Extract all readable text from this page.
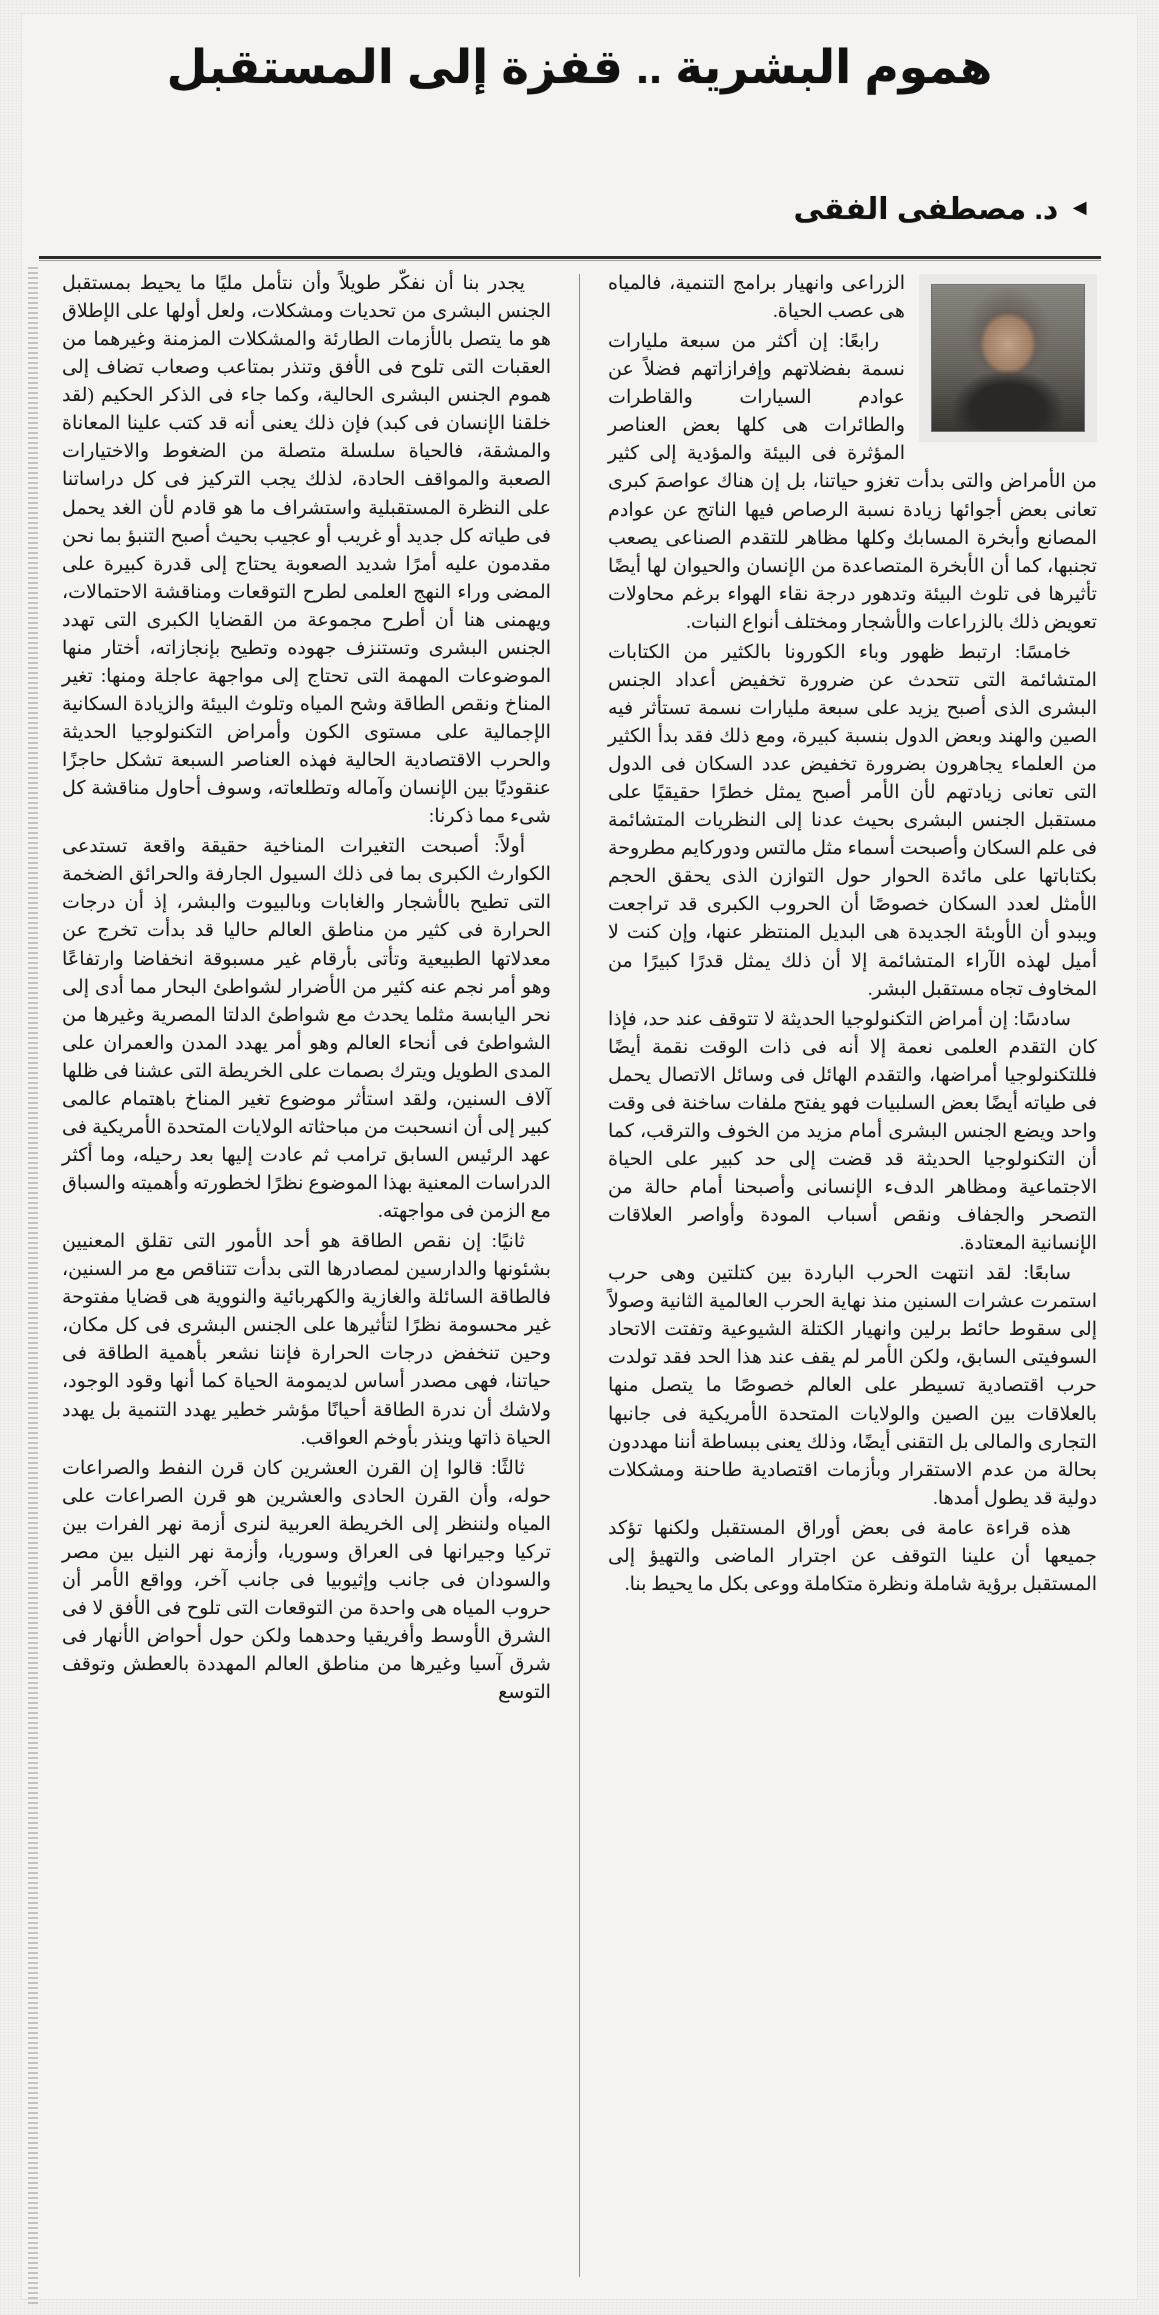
هموم البشرية .. قفزة إلى المستقبل
◄
د. مصطفى الفقى

الزراعى وانهيار برامج التنمية، فالمياه هى عصب الحياة.

رابعًا: إن أكثر من سبعة مليارات نسمة بفضلاتهم وإفرازاتهم فضلاً عن عوادم السيارات والقاطرات والطائرات هى كلها بعض العناصر المؤثرة فى البيئة والمؤدية إلى كثير من الأمراض والتى بدأت تغزو حياتنا، بل إن هناك عواصمَ كبرى تعانى بعض أجوائها زيادة نسبة الرصاص فيها الناتج عن عوادم المصانع وأبخرة المسابك وكلها مظاهر للتقدم الصناعى يصعب تجنبها، كما أن الأبخرة المتصاعدة من الإنسان والحيوان لها أيضًا تأثيرها فى تلوث البيئة وتدهور درجة نقاء الهواء برغم محاولات تعويض ذلك بالزراعات والأشجار ومختلف أنواع النبات.

خامسًا: ارتبط ظهور وباء الكورونا بالكثير من الكتابات المتشائمة التى تتحدث عن ضرورة تخفيض أعداد الجنس البشرى الذى أصبح يزيد على سبعة مليارات نسمة تستأثر فيه الصين والهند وبعض الدول بنسبة كبيرة، ومع ذلك فقد بدأ الكثير من العلماء يجاهرون بضرورة تخفيض عدد السكان فى الدول التى تعانى زيادتهم لأن الأمر أصبح يمثل خطرًا حقيقيًا على مستقبل الجنس البشرى بحيث عدنا إلى النظريات المتشائمة فى علم السكان وأصبحت أسماء مثل مالتس ودوركايم مطروحة بكتاباتها على مائدة الحوار حول التوازن الذى يحقق الحجم الأمثل لعدد السكان خصوصًا أن الحروب الكبرى قد تراجعت ويبدو أن الأوبئة الجديدة هى البديل المنتظر عنها، وإن كنت لا أميل لهذه الآراء المتشائمة إلا أن ذلك يمثل قدرًا كبيرًا من المخاوف تجاه مستقبل البشر.

سادسًا: إن أمراض التكنولوجيا الحديثة لا تتوقف عند حد، فإذا كان التقدم العلمى نعمة إلا أنه فى ذات الوقت نقمة أيضًا فللتكنولوجيا أمراضها، والتقدم الهائل فى وسائل الاتصال يحمل فى طياته أيضًا بعض السلبيات فهو يفتح ملفات ساخنة فى وقت واحد ويضع الجنس البشرى أمام مزيد من الخوف والترقب، كما أن التكنولوجيا الحديثة قد قضت إلى حد كبير على الحياة الاجتماعية ومظاهر الدفء الإنسانى وأصبحنا أمام حالة من التصحر والجفاف ونقص أسباب المودة وأواصر العلاقات الإنسانية المعتادة.

سابعًا: لقد انتهت الحرب الباردة بين كتلتين وهى حرب استمرت عشرات السنين منذ نهاية الحرب العالمية الثانية وصولاً إلى سقوط حائط برلين وانهيار الكتلة الشيوعية وتفتت الاتحاد السوفيتى السابق، ولكن الأمر لم يقف عند هذا الحد فقد تولدت حرب اقتصادية تسيطر على العالم خصوصًا ما يتصل منها بالعلاقات بين الصين والولايات المتحدة الأمريكية فى جانبها التجارى والمالى بل التقنى أيضًا، وذلك يعنى ببساطة أننا مهددون بحالة من عدم الاستقرار وبأزمات اقتصادية طاحنة ومشكلات دولية قد يطول أمدها.

هذه قراءة عامة فى بعض أوراق المستقبل ولكنها تؤكد جميعها أن علينا التوقف عن اجترار الماضى والتهيؤ إلى المستقبل برؤية شاملة ونظرة متكاملة ووعى بكل ما يحيط بنا.

يجدر بنا أن نفكّر طويلاً وأن نتأمل مليًا ما يحيط بمستقبل الجنس البشرى من تحديات ومشكلات، ولعل أولها على الإطلاق هو ما يتصل بالأزمات الطارئة والمشكلات المزمنة وغيرهما من العقبات التى تلوح فى الأفق وتنذر بمتاعب وصعاب تضاف إلى هموم الجنس البشرى الحالية، وكما جاء فى الذكر الحكيم (لقد خلقنا الإنسان فى كبد) فإن ذلك يعنى أنه قد كتب علينا المعاناة والمشقة، فالحياة سلسلة متصلة من الضغوط والاختيارات الصعبة والمواقف الحادة، لذلك يجب التركيز فى كل دراساتنا على النظرة المستقبلية واستشراف ما هو قادم لأن الغد يحمل فى طياته كل جديد أو غريب أو عجيب بحيث أصبح التنبؤ بما نحن مقدمون عليه أمرًا شديد الصعوبة يحتاج إلى قدرة كبيرة على المضى وراء النهج العلمى لطرح التوقعات ومناقشة الاحتمالات، ويهمنى هنا أن أطرح مجموعة من القضايا الكبرى التى تهدد الجنس البشرى وتستنزف جهوده وتطيح بإنجازاته، أختار منها الموضوعات المهمة التى تحتاج إلى مواجهة عاجلة ومنها: تغير المناخ ونقص الطاقة وشح المياه وتلوث البيئة والزيادة السكانية الإجمالية على مستوى الكون وأمراض التكنولوجيا الحديثة والحرب الاقتصادية الحالية فهذه العناصر السبعة تشكل حاجزًا عنقوديًا بين الإنسان وآماله وتطلعاته، وسوف أحاول مناقشة كل شىء مما ذكرنا:

أولاً: أصبحت التغيرات المناخية حقيقة واقعة تستدعى الكوارث الكبرى بما فى ذلك السيول الجارفة والحرائق الضخمة التى تطيح بالأشجار والغابات وبالبيوت والبشر، إذ أن درجات الحرارة فى كثير من مناطق العالم حاليا قد بدأت تخرج عن معدلاتها الطبيعية وتأتى بأرقام غير مسبوقة انخفاضا وارتفاعًا وهو أمر نجم عنه كثير من الأضرار لشواطئ البحار مما أدى إلى نحر اليابسة مثلما يحدث مع شواطئ الدلتا المصرية وغيرها من الشواطئ فى أنحاء العالم وهو أمر يهدد المدن والعمران على المدى الطويل ويترك بصمات على الخريطة التى عشنا فى ظلها آلاف السنين، ولقد استأثر موضوع تغير المناخ باهتمام عالمى كبير إلى أن انسحبت من مباحثاته الولايات المتحدة الأمريكية فى عهد الرئيس السابق ترامب ثم عادت إليها بعد رحيله، وما أكثر الدراسات المعنية بهذا الموضوع نظرًا لخطورته وأهميته والسباق مع الزمن فى مواجهته.

ثانيًا: إن نقص الطاقة هو أحد الأمور التى تقلق المعنيين بشئونها والدارسين لمصادرها التى بدأت تتناقص مع مر السنين، فالطاقة السائلة والغازية والكهربائية والنووية هى قضايا مفتوحة غير محسومة نظرًا لتأثيرها على الجنس البشرى فى كل مكان، وحين تنخفض درجات الحرارة فإننا نشعر بأهمية الطاقة فى حياتنا، فهى مصدر أساس لديمومة الحياة كما أنها وقود الوجود، ولاشك أن ندرة الطاقة أحيانًا مؤشر خطير يهدد التنمية بل يهدد الحياة ذاتها وينذر بأوخم العواقب.

ثالثًا: قالوا إن القرن العشرين كان قرن النفط والصراعات حوله، وأن القرن الحادى والعشرين هو قرن الصراعات على المياه ولننظر إلى الخريطة العربية لنرى أزمة نهر الفرات بين تركيا وجيرانها فى العراق وسوريا، وأزمة نهر النيل بين مصر والسودان فى جانب وإثيوبيا فى جانب آخر، وواقع الأمر أن حروب المياه هى واحدة من التوقعات التى تلوح فى الأفق لا فى الشرق الأوسط وأفريقيا وحدهما ولكن حول أحواض الأنهار فى شرق آسيا وغيرها من مناطق العالم المهددة بالعطش وتوقف التوسع
